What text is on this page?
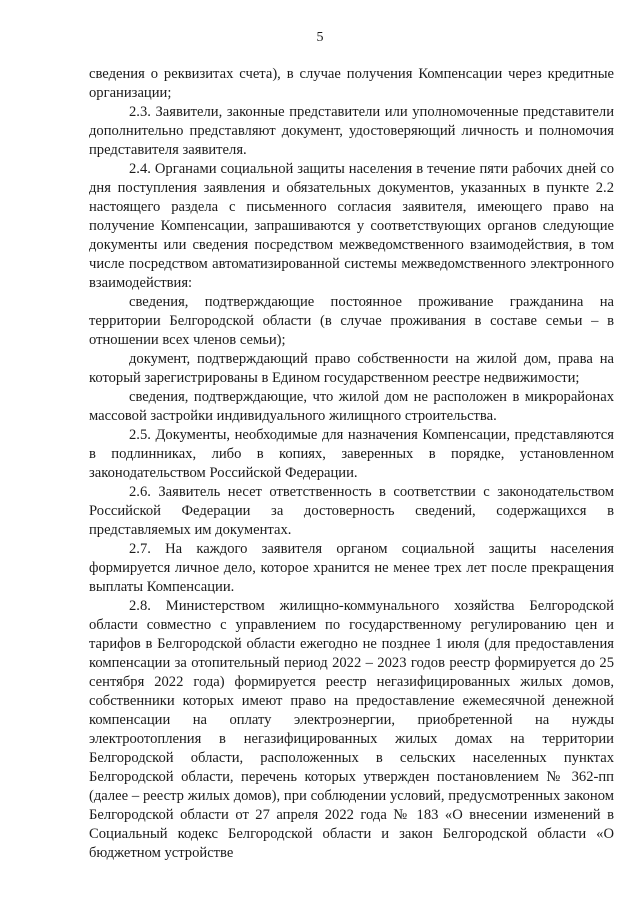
5

сведения о реквизитах счета), в случае получения Компенсации через кредитные организации;

2.3. Заявители, законные представители или уполномоченные представители дополнительно представляют документ, удостоверяющий личность и полномочия представителя заявителя.

2.4. Органами социальной защиты населения в течение пяти рабочих дней со дня поступления заявления и обязательных документов, указанных в пункте 2.2 настоящего раздела с письменного согласия заявителя, имеющего право на получение Компенсации, запрашиваются у соответствующих органов следующие документы или сведения посредством межведомственного взаимодействия, в том числе посредством автоматизированной системы межведомственного электронного взаимодействия:

сведения, подтверждающие постоянное проживание гражданина на территории Белгородской области (в случае проживания в составе семьи – в отношении всех членов семьи);

документ, подтверждающий право собственности на жилой дом, права на который зарегистрированы в Едином государственном реестре недвижимости;

сведения, подтверждающие, что жилой дом не расположен в микрорайонах массовой застройки индивидуального жилищного строительства.

2.5. Документы, необходимые для назначения Компенсации, представляются в подлинниках, либо в копиях, заверенных в порядке, установленном законодательством Российской Федерации.

2.6. Заявитель несет ответственность в соответствии с законодательством Российской Федерации за достоверность сведений, содержащихся в представляемых им документах.

2.7. На каждого заявителя органом социальной защиты населения формируется личное дело, которое хранится не менее трех лет после прекращения выплаты Компенсации.

2.8. Министерством жилищно-коммунального хозяйства Белгородской области совместно с управлением по государственному регулированию цен и тарифов в Белгородской области ежегодно не позднее 1 июля (для предоставления компенсации за отопительный период 2022 – 2023 годов реестр формируется до 25 сентября 2022 года) формируется реестр негазифицированных жилых домов, собственники которых имеют право на предоставление ежемесячной денежной компенсации на оплату электроэнергии, приобретенной на нужды электроотопления в негазифицированных жилых домах на территории Белгородской области, расположенных в сельских населенных пунктах Белгородской области, перечень которых утвержден постановлением № 362-пп (далее – реестр жилых домов), при соблюдении условий, предусмотренных законом Белгородской области от 27 апреля 2022 года № 183 «О внесении изменений в Социальный кодекс Белгородской области и закон Белгородской области «О бюджетном устройстве
